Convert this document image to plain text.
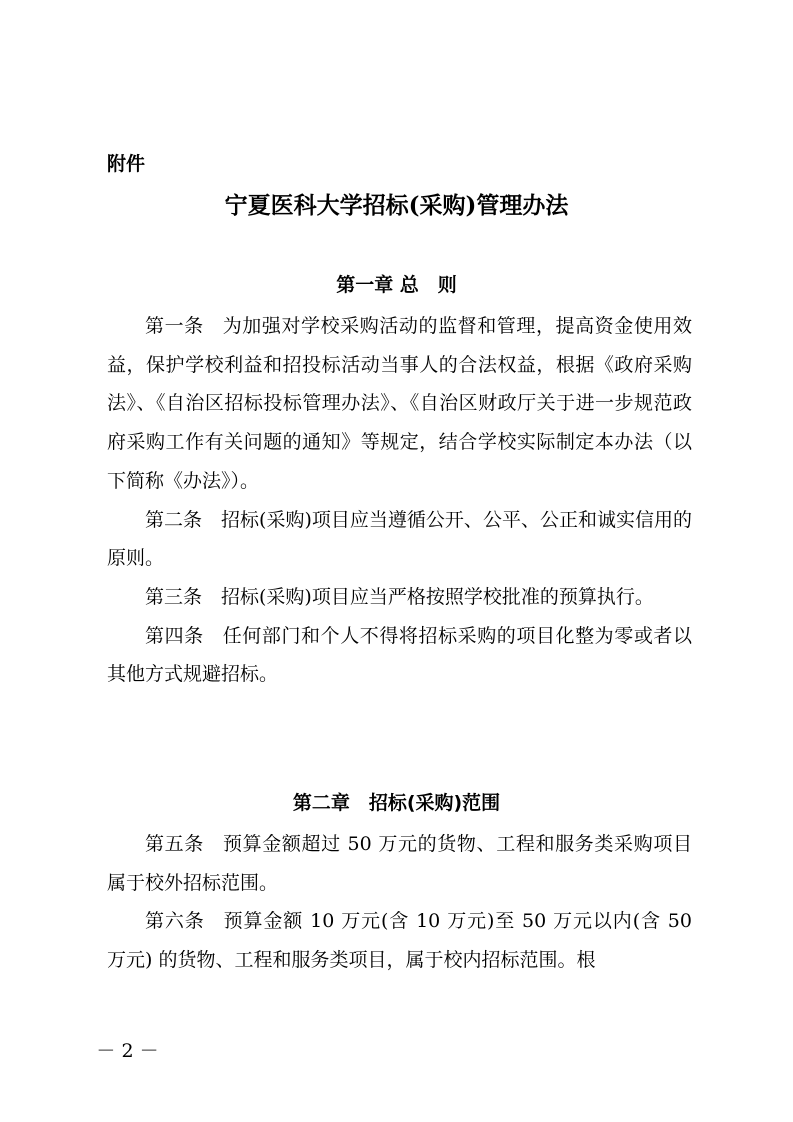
附件
宁夏医科大学招标(采购)管理办法
第一章 总　则

第一条 为加强对学校采购活动的监督和管理，提高资金使用效益，保护学校利益和招投标活动当事人的合法权益，根据《政府采购法》、《自治区招标投标管理办法》、《自治区财政厅关于进一步规范政府采购工作有关问题的通知》等规定，结合学校实际制定本办法（以下简称《办法》）。

第二条 招标(采购)项目应当遵循公开、公平、公正和诚实信用的原则。

第三条 招标(采购)项目应当严格按照学校批准的预算执行。

第四条 任何部门和个人不得将招标采购的项目化整为零或者以其他方式规避招标。

第二章　招标(采购)范围

第五条 预算金额超过 50 万元的货物、工程和服务类采购项目属于校外招标范围。

第六条 预算金额 10 万元(含 10 万元)至 50 万元以内(含 50 万元) 的货物、工程和服务类项目，属于校内招标范围。根

－ 2 －
